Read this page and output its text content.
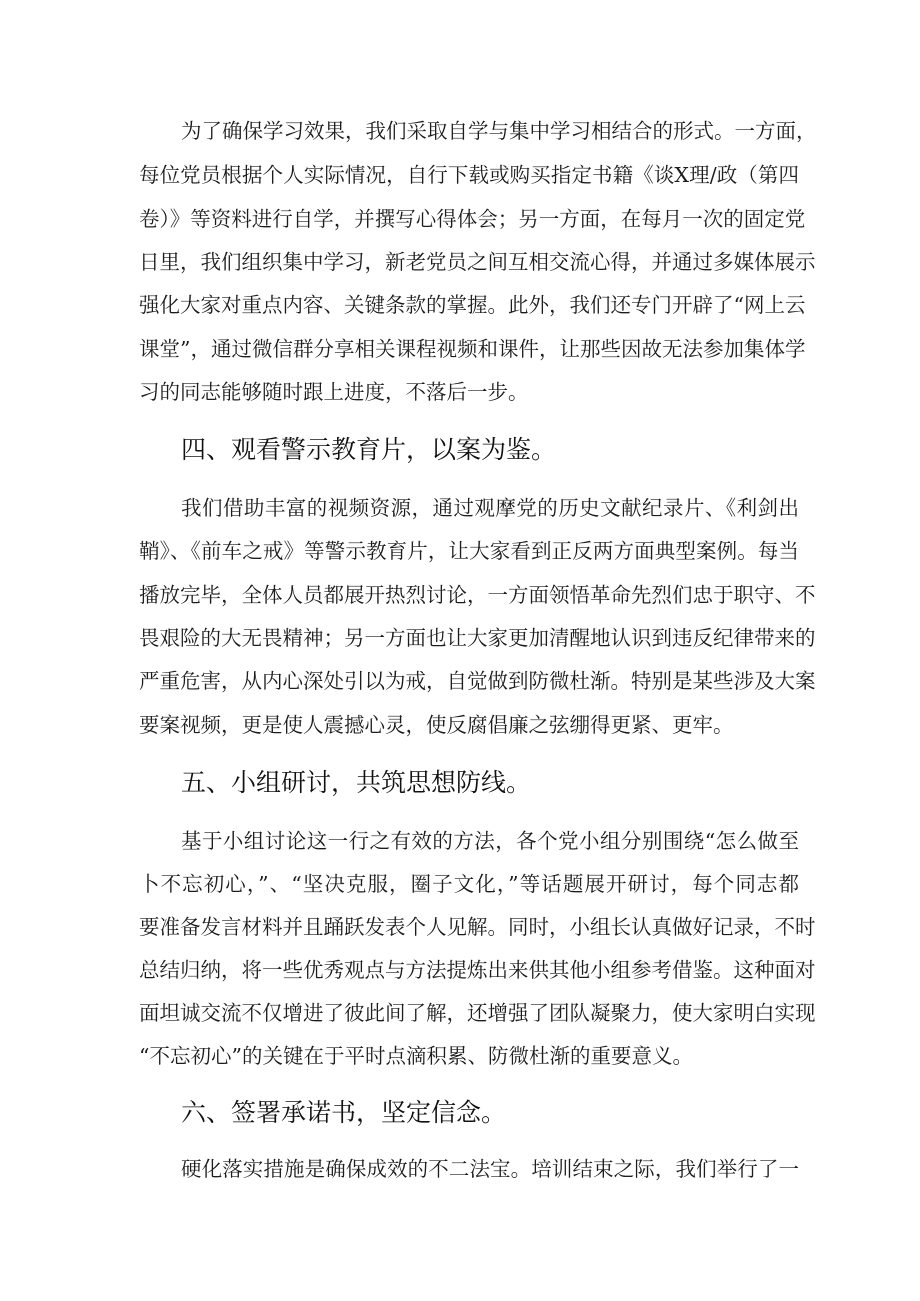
为了确保学习效果，我们采取自学与集中学习相结合的形式。一方面，

每位党员根据个人实际情况，自行下载或购买指定书籍《谈X理/政（第四

卷）》等资料进行自学，并撰写心得体会；另一方面，在每月一次的固定党

日里，我们组织集中学习，新老党员之间互相交流心得，并通过多媒体展示

强化大家对重点内容、关键条款的掌握。此外，我们还专门开辟了“网上云

课堂”，通过微信群分享相关课程视频和课件，让那些因故无法参加集体学

习的同志能够随时跟上进度，不落后一步。

四、观看警示教育片，以案为鉴。

我们借助丰富的视频资源，通过观摩党的历史文献纪录片、《利剑出

鞘》、《前车之戒》等警示教育片，让大家看到正反两方面典型案例。每当

播放完毕，全体人员都展开热烈讨论，一方面领悟革命先烈们忠于职守、不

畏艰险的大无畏精神；另一方面也让大家更加清醒地认识到违反纪律带来的

严重危害，从内心深处引以为戒，自觉做到防微杜渐。特别是某些涉及大案

要案视频，更是使人震撼心灵，使反腐倡廉之弦绷得更紧、更牢。

五、小组研讨，共筑思想防线。

基于小组讨论这一行之有效的方法，各个党小组分别围绕“怎么做至

卜不忘初心，”、“坚决克服，圈子文化，”等话题展开研讨，每个同志都

要准备发言材料并且踊跃发表个人见解。同时，小组长认真做好记录，不时

总结归纳，将一些优秀观点与方法提炼出来供其他小组参考借鉴。这种面对

面坦诚交流不仅增进了彼此间了解，还增强了团队凝聚力，使大家明白实现

“不忘初心”的关键在于平时点滴积累、防微杜渐的重要意义。

六、签署承诺书，坚定信念。

硬化落实措施是确保成效的不二法宝。培训结束之际，我们举行了一
